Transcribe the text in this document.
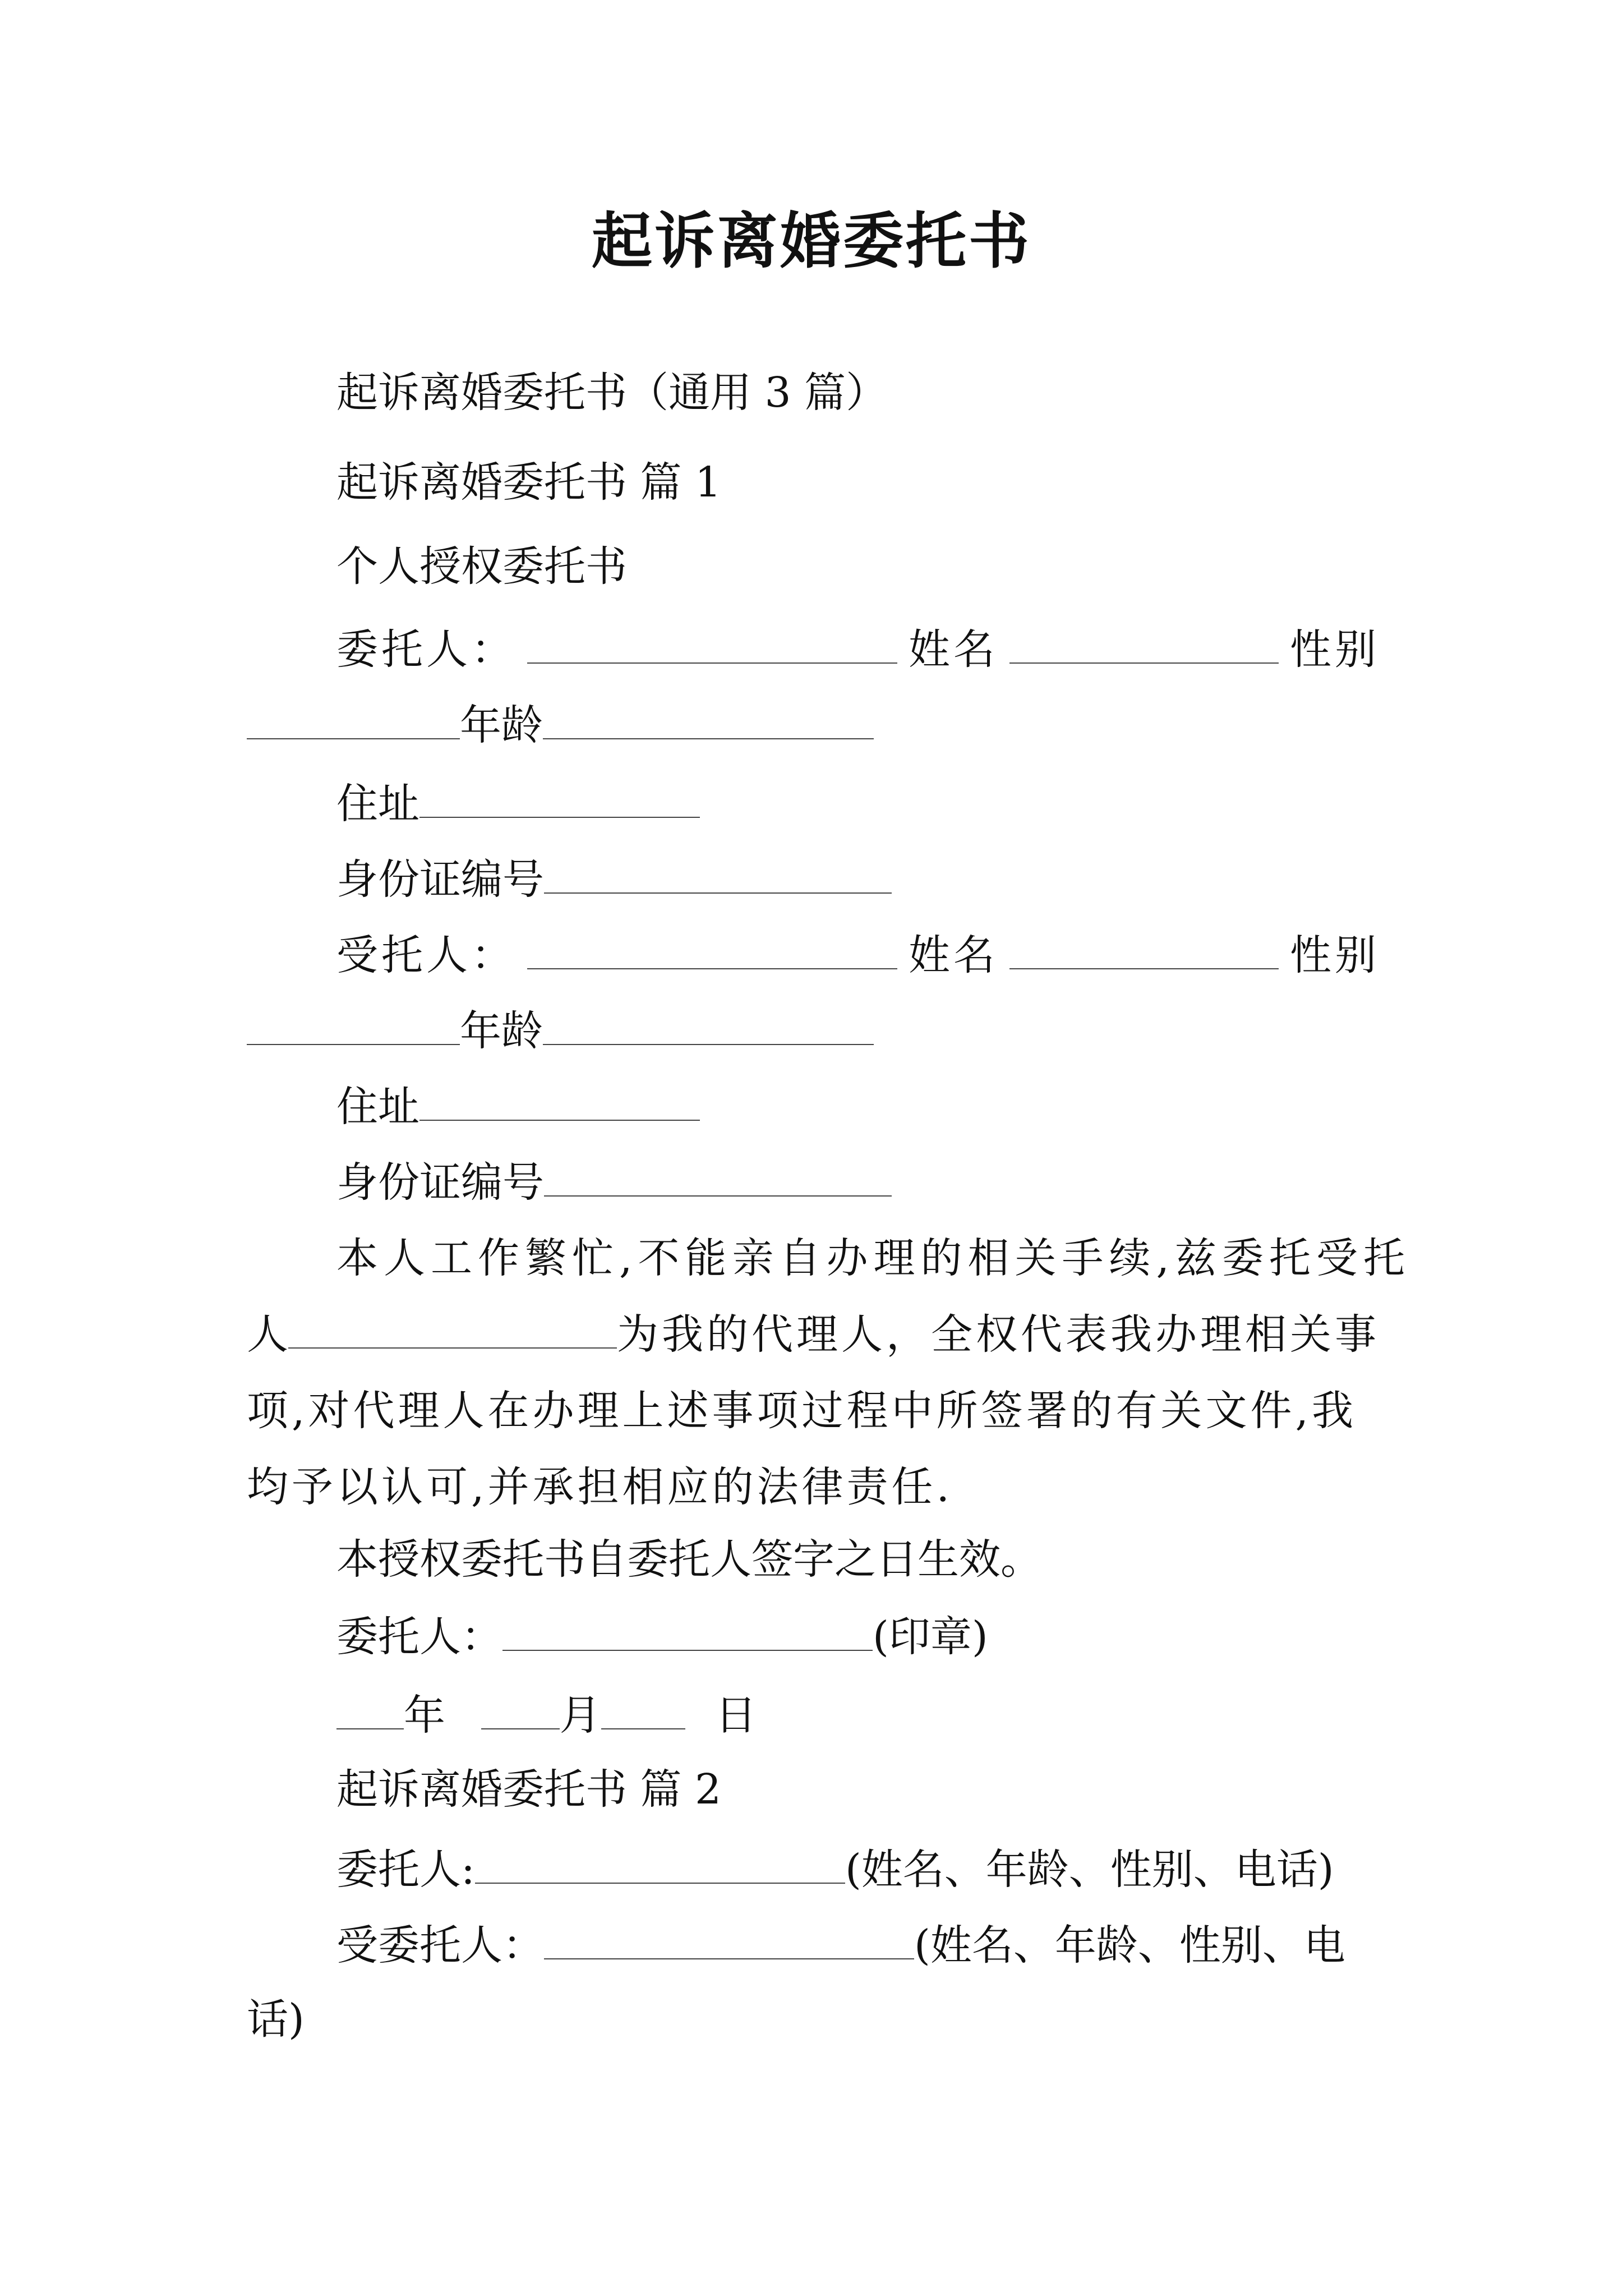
起诉离婚委托书
起诉离婚委托书（通用 3 篇）
起诉离婚委托书 篇 1
个人授权委托书
委托人：	姓名	性别
年龄
住址
身份证编号
受托人：	姓名	性别
年龄
住址
身份证编号
本人工作繁忙,不能亲自办理的相关手续,兹委托受托
人	为我的代理人，全权代表我办理相关事
项,对代理人在办理上述事项过程中所签署的有关文件,我
均予以认可,并承担相应的法律责任.
本授权委托书自委托人签字之日生效。
委托人：	(印章)
年	月	日
起诉离婚委托书 篇 2
委托人:	(姓名、年龄、性别、电话)
受委托人：	(姓名、年龄、性别、电
话)
